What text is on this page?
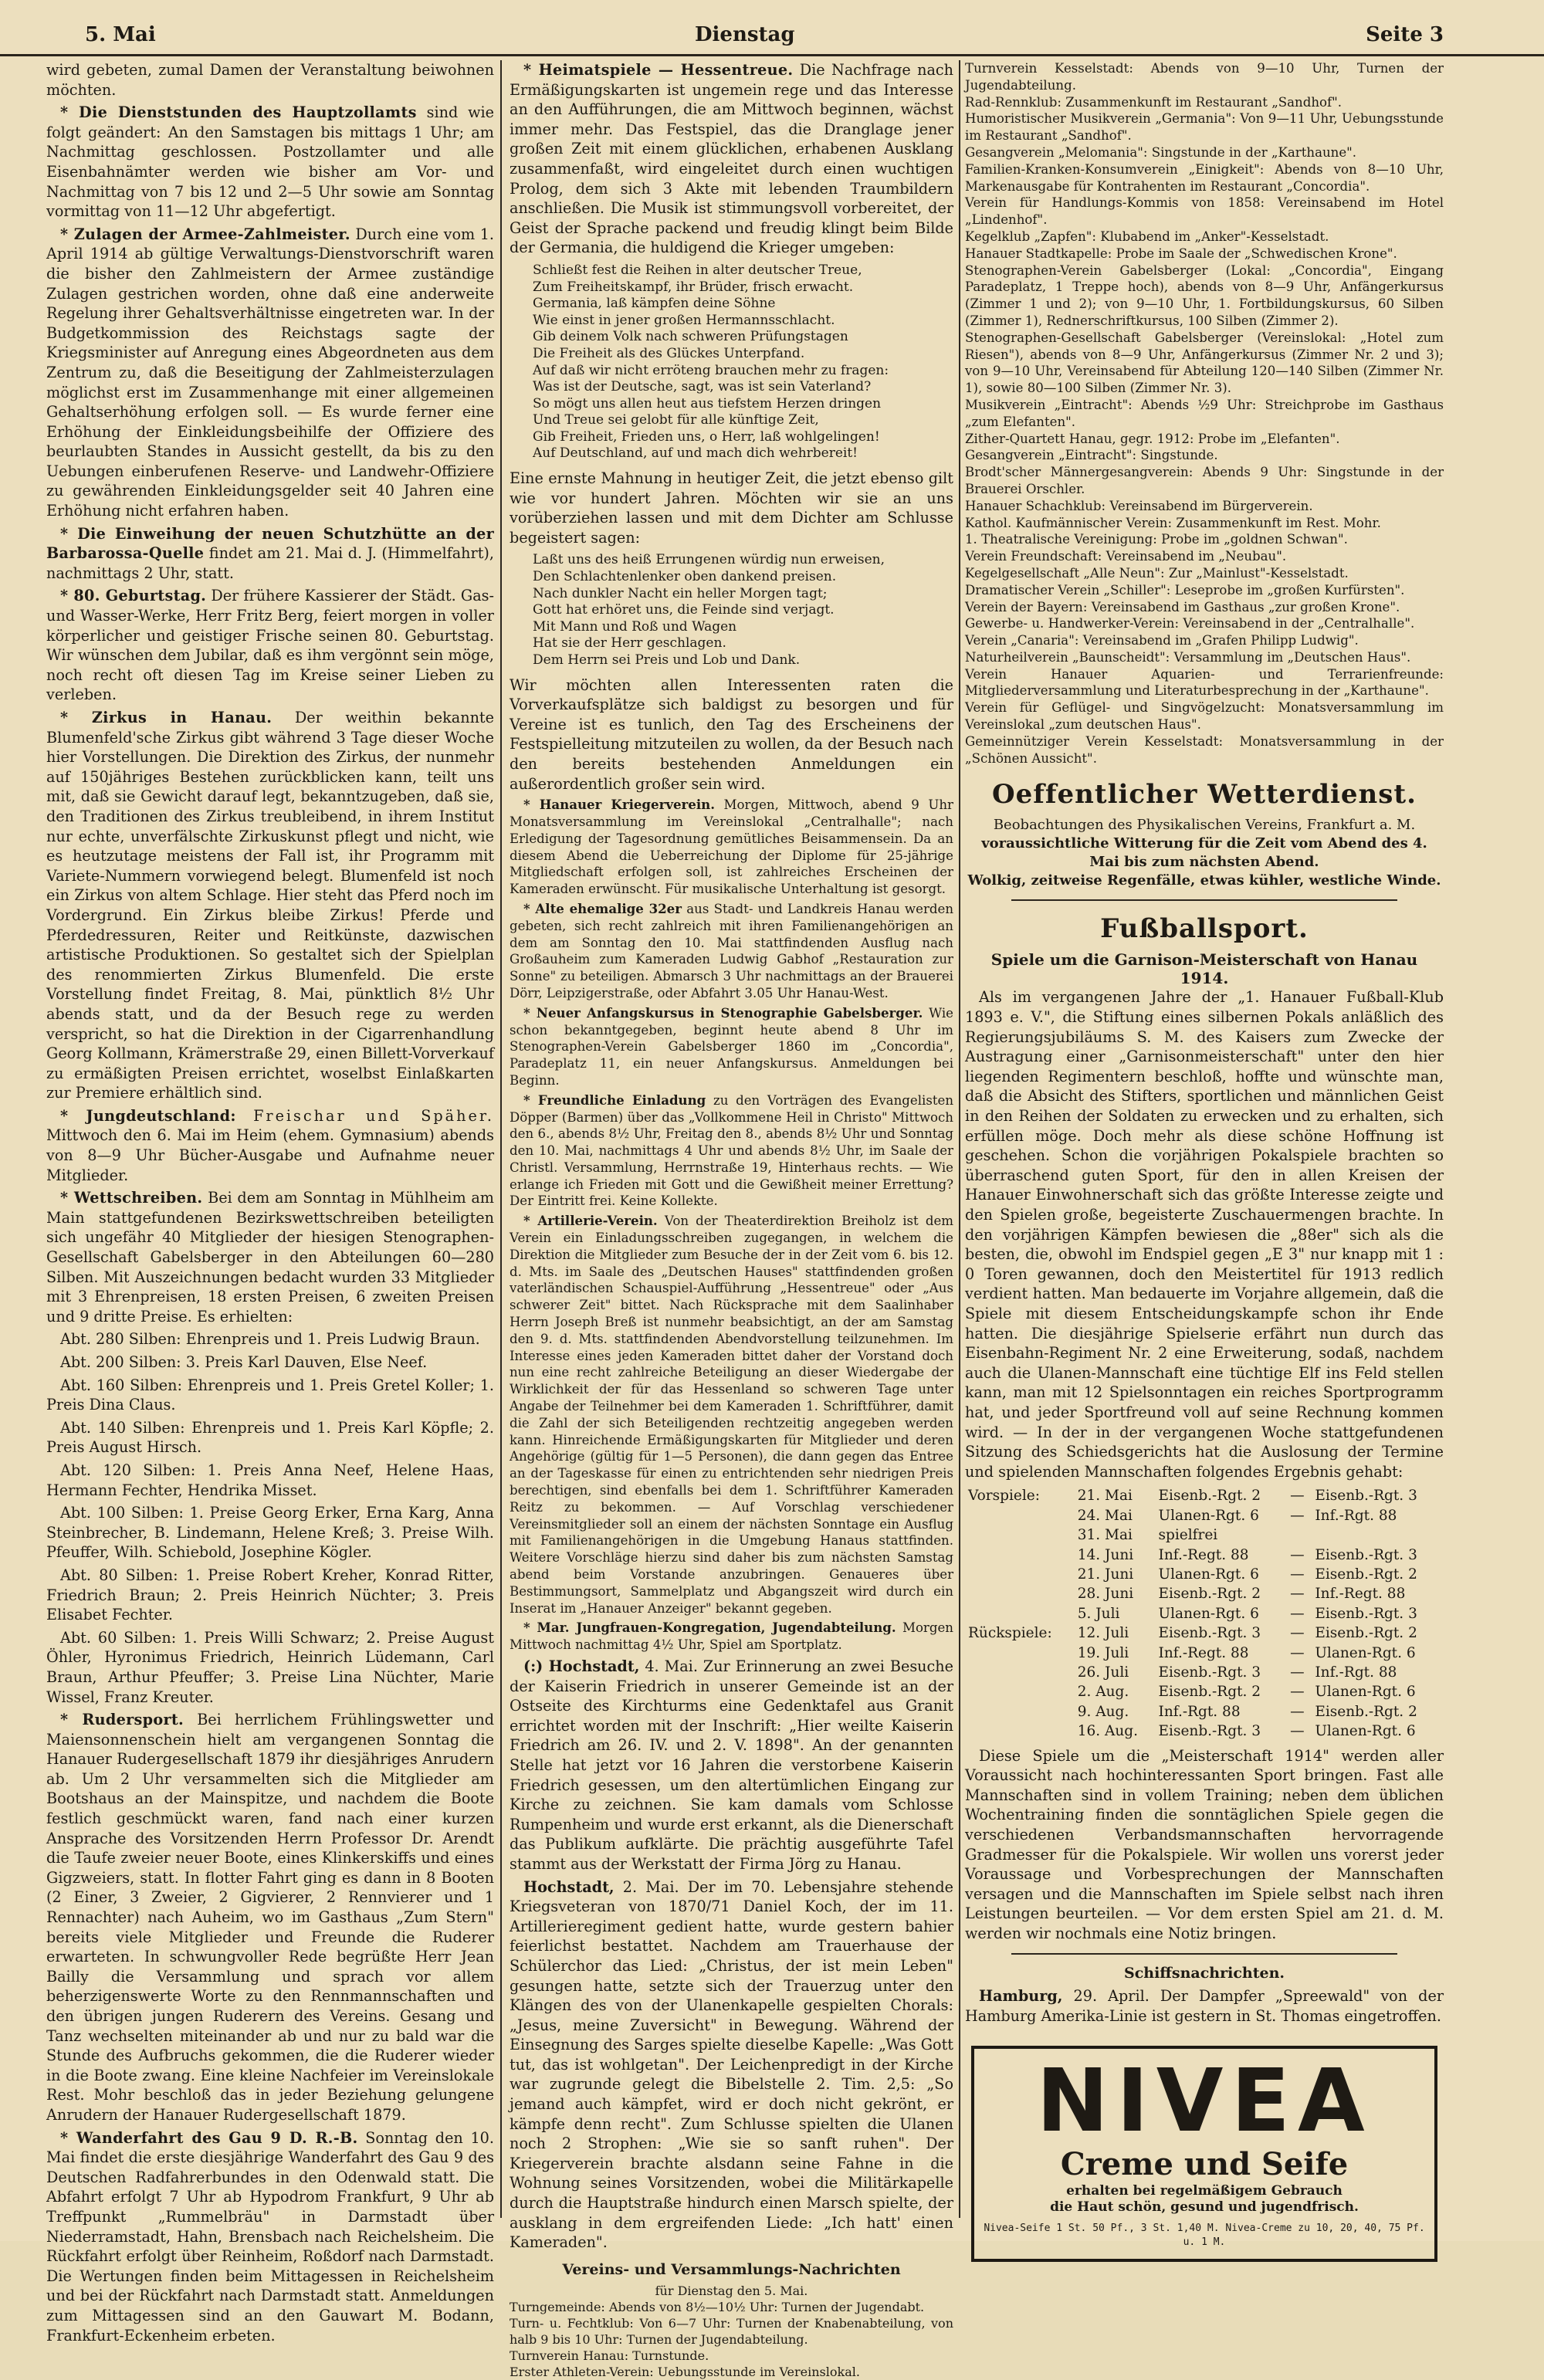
5. Mai	Dienstag	Seite 3

wird gebeten, zumal Damen der Veranstaltung beiwohnen möchten.

* Die Dienststunden des Hauptzollamts sind wie folgt geändert: An den Samstagen bis mittags 1 Uhr; am Nachmittag geschlossen. Postzollamter und alle Eisenbahnämter werden wie bisher am Vor- und Nachmittag von 7 bis 12 und 2—5 Uhr sowie am Sonntag vormittag von 11—12 Uhr abgefertigt.

* Zulagen der Armee-Zahlmeister. Durch eine vom 1. April 1914 ab gültige Verwaltungs-Dienstvorschrift waren die bisher den Zahlmeistern der Armee zuständige Zulagen gestrichen worden, ohne daß eine anderweite Regelung ihrer Gehaltsverhältnisse eingetreten war. In der Budgetkommission des Reichstags sagte der Kriegsminister auf Anregung eines Abgeordneten aus dem Zentrum zu, daß die Beseitigung der Zahlmeisterzulagen möglichst erst im Zusammenhange mit einer allgemeinen Gehaltserhöhung erfolgen soll. — Es wurde ferner eine Erhöhung der Einkleidungsbeihilfe der Offiziere des beurlaubten Standes in Aussicht gestellt, da bis zu den Uebungen einberufenen Reserve- und Landwehr-Offiziere zu gewährenden Einkleidungsgelder seit 40 Jahren eine Erhöhung nicht erfahren haben.

* Die Einweihung der neuen Schutzhütte an der Barbarossa-Quelle findet am 21. Mai d. J. (Himmelfahrt), nachmittags 2 Uhr, statt.

* 80. Geburtstag. Der frühere Kassierer der Städt. Gas- und Wasser-Werke, Herr Fritz Berg, feiert morgen in voller körperlicher und geistiger Frische seinen 80. Geburtstag. Wir wünschen dem Jubilar, daß es ihm vergönnt sein möge, noch recht oft diesen Tag im Kreise seiner Lieben zu verleben.

* Zirkus in Hanau. Der weithin bekannte Blumenfeld'sche Zirkus gibt während 3 Tage dieser Woche hier Vorstellungen. Die Direktion des Zirkus, der nunmehr auf 150jähriges Bestehen zurückblicken kann, teilt uns mit, daß sie Gewicht darauf legt, bekanntzugeben, daß sie, den Traditionen des Zirkus treubleibend, in ihrem Institut nur echte, unverfälschte Zirkuskunst pflegt und nicht, wie es heutzutage meistens der Fall ist, ihr Programm mit Variete-Nummern vorwiegend belegt. Blumenfeld ist noch ein Zirkus von altem Schlage. Hier steht das Pferd noch im Vordergrund. Ein Zirkus bleibe Zirkus! Pferde und Pferdedressuren, Reiter und Reitkünste, dazwischen artistische Produktionen. So gestaltet sich der Spielplan des renommierten Zirkus Blumenfeld. Die erste Vorstellung findet Freitag, 8. Mai, pünktlich 8½ Uhr abends statt, und da der Besuch rege zu werden verspricht, so hat die Direktion in der Cigarrenhandlung Georg Kollmann, Krämerstraße 29, einen Billett-Vorverkauf zu ermäßigten Preisen errichtet, woselbst Einlaßkarten zur Premiere erhältlich sind.

* Jungdeutschland: Freischar und Späher. Mittwoch den 6. Mai im Heim (ehem. Gymnasium) abends von 8—9 Uhr Bücher-Ausgabe und Aufnahme neuer Mitglieder.

* Wettschreiben. Bei dem am Sonntag in Mühlheim am Main stattgefundenen Bezirkswettschreiben beteiligten sich ungefähr 40 Mitglieder der hiesigen Stenographen-Gesellschaft Gabelsberger in den Abteilungen 60—280 Silben. Mit Auszeichnungen bedacht wurden 33 Mitglieder mit 3 Ehrenpreisen, 18 ersten Preisen, 6 zweiten Preisen und 9 dritte Preise. Es erhielten:

Abt. 280 Silben: Ehrenpreis und 1. Preis Ludwig Braun.

Abt. 200 Silben: 3. Preis Karl Dauven, Else Neef.

Abt. 160 Silben: Ehrenpreis und 1. Preis Gretel Koller; 1. Preis Dina Claus.

Abt. 140 Silben: Ehrenpreis und 1. Preis Karl Köpfle; 2. Preis August Hirsch.

Abt. 120 Silben: 1. Preis Anna Neef, Helene Haas, Hermann Fechter, Hendrika Misset.

Abt. 100 Silben: 1. Preise Georg Erker, Erna Karg, Anna Steinbrecher, B. Lindemann, Helene Kreß; 3. Preise Wilh. Pfeuffer, Wilh. Schiebold, Josephine Kögler.

Abt. 80 Silben: 1. Preise Robert Kreher, Konrad Ritter, Friedrich Braun; 2. Preis Heinrich Nüchter; 3. Preis Elisabet Fechter.

Abt. 60 Silben: 1. Preis Willi Schwarz; 2. Preise August Öhler, Hyronimus Friedrich, Heinrich Lüdemann, Carl Braun, Arthur Pfeuffer; 3. Preise Lina Nüchter, Marie Wissel, Franz Kreuter.

* Rudersport. Bei herrlichem Frühlingswetter und Maiensonnenschein hielt am vergangenen Sonntag die Hanauer Rudergesellschaft 1879 ihr diesjähriges Anrudern ab. Um 2 Uhr versammelten sich die Mitglieder am Bootshaus an der Mainspitze, und nachdem die Boote festlich geschmückt waren, fand nach einer kurzen Ansprache des Vorsitzenden Herrn Professor Dr. Arendt die Taufe zweier neuer Boote, eines Klinkerskiffs und eines Gigzweiers, statt. In flotter Fahrt ging es dann in 8 Booten (2 Einer, 3 Zweier, 2 Gigvierer, 2 Rennvierer und 1 Rennachter) nach Auheim, wo im Gasthaus „Zum Stern" bereits viele Mitglieder und Freunde die Ruderer erwarteten. In schwungvoller Rede begrüßte Herr Jean Bailly die Versammlung und sprach vor allem beherzigenswerte Worte zu den Rennmannschaften und den übrigen jungen Ruderern des Vereins. Gesang und Tanz wechselten miteinander ab und nur zu bald war die Stunde des Aufbruchs gekommen, die die Ruderer wieder in die Boote zwang. Eine kleine Nachfeier im Vereinslokale Rest. Mohr beschloß das in jeder Beziehung gelungene Anrudern der Hanauer Rudergesellschaft 1879.

* Wanderfahrt des Gau 9 D. R.-B. Sonntag den 10. Mai findet die erste diesjährige Wanderfahrt des Gau 9 des Deutschen Radfahrerbundes in den Odenwald statt. Die Abfahrt erfolgt 7 Uhr ab Hypodrom Frankfurt, 9 Uhr ab Treffpunkt „Rummelbräu" in Darmstadt über Niederramstadt, Hahn, Brensbach nach Reichelsheim. Die Rückfahrt erfolgt über Reinheim, Roßdorf nach Darmstadt. Die Wertungen finden beim Mittagessen in Reichelsheim und bei der Rückfahrt nach Darmstadt statt. Anmeldungen zum Mittagessen sind an den Gauwart M. Bodann, Frankfurt-Eckenheim erbeten.

* Heimatspiele — Hessentreue. Die Nachfrage nach Ermäßigungskarten ist ungemein rege und das Interesse an den Aufführungen, die am Mittwoch beginnen, wächst immer mehr. Das Festspiel, das die Dranglage jener großen Zeit mit einem glücklichen, erhabenen Ausklang zusammenfaßt, wird eingeleitet durch einen wuchtigen Prolog, dem sich 3 Akte mit lebenden Traumbildern anschließen. Die Musik ist stimmungsvoll vorbereitet, der Geist der Sprache packend und freudig klingt beim Bilde der Germania, die huldigend die Krieger umgeben:

Schließt fest die Reihen in alter deutscher Treue,
Zum Freiheitskampf, ihr Brüder, frisch erwacht.
Germania, laß kämpfen deine Söhne
Wie einst in jener großen Hermannsschlacht.
Gib deinem Volk nach schweren Prüfungstagen
Die Freiheit als des Glückes Unterpfand.
Auf daß wir nicht erröteng brauchen mehr zu fragen:
Was ist der Deutsche, sagt, was ist sein Vaterland?
So mögt uns allen heut aus tiefstem Herzen dringen
Und Treue sei gelobt für alle künftige Zeit,
Gib Freiheit, Frieden uns, o Herr, laß wohlgelingen!
Auf Deutschland, auf und mach dich wehrbereit!

Eine ernste Mahnung in heutiger Zeit, die jetzt ebenso gilt wie vor hundert Jahren. Möchten wir sie an uns vorüberziehen lassen und mit dem Dichter am Schlusse begeistert sagen:

Laßt uns des heiß Errungenen würdig nun erweisen,
Den Schlachtenlenker oben dankend preisen.
Nach dunkler Nacht ein heller Morgen tagt;
Gott hat erhöret uns, die Feinde sind verjagt.
Mit Mann und Roß und Wagen
Hat sie der Herr geschlagen.
Dem Herrn sei Preis und Lob und Dank.

Wir möchten allen Interessenten raten die Vorverkaufsplätze sich baldigst zu besorgen und für Vereine ist es tunlich, den Tag des Erscheinens der Festspielleitung mitzuteilen zu wollen, da der Besuch nach den bereits bestehenden Anmeldungen ein außerordentlich großer sein wird.

* Hanauer Kriegerverein. Morgen, Mittwoch, abend 9 Uhr Monatsversammlung im Vereinslokal „Centralhalle"; nach Erledigung der Tagesordnung gemütliches Beisammensein. Da an diesem Abend die Ueberreichung der Diplome für 25-jährige Mitgliedschaft erfolgen soll, ist zahlreiches Erscheinen der Kameraden erwünscht. Für musikalische Unterhaltung ist gesorgt.

* Alte ehemalige 32er aus Stadt- und Landkreis Hanau werden gebeten, sich recht zahlreich mit ihren Familienangehörigen an dem am Sonntag den 10. Mai stattfindenden Ausflug nach Großauheim zum Kameraden Ludwig Gabhof „Restauration zur Sonne" zu beteiligen. Abmarsch 3 Uhr nachmittags an der Brauerei Dörr, Leipzigerstraße, oder Abfahrt 3.05 Uhr Hanau-West.

* Neuer Anfangskursus in Stenographie Gabelsberger. Wie schon bekanntgegeben, beginnt heute abend 8 Uhr im Stenographen-Verein Gabelsberger 1860 im „Concordia", Paradeplatz 11, ein neuer Anfangskursus. Anmeldungen bei Beginn.

* Freundliche Einladung zu den Vorträgen des Evangelisten Döpper (Barmen) über das „Vollkommene Heil in Christo" Mittwoch den 6., abends 8½ Uhr, Freitag den 8., abends 8½ Uhr und Sonntag den 10. Mai, nachmittags 4 Uhr und abends 8½ Uhr, im Saale der Christl. Versammlung, Herrnstraße 19, Hinterhaus rechts. — Wie erlange ich Frieden mit Gott und die Gewißheit meiner Errettung? Der Eintritt frei. Keine Kollekte.

* Artillerie-Verein. Von der Theaterdirektion Breiholz ist dem Verein ein Einladungsschreiben zugegangen, in welchem die Direktion die Mitglieder zum Besuche der in der Zeit vom 6. bis 12. d. Mts. im Saale des „Deutschen Hauses" stattfindenden großen vaterländischen Schauspiel-Aufführung „Hessentreue" oder „Aus schwerer Zeit" bittet. Nach Rücksprache mit dem Saalinhaber Herrn Joseph Breß ist nunmehr beabsichtigt, an der am Samstag den 9. d. Mts. stattfindenden Abendvorstellung teilzunehmen. Im Interesse eines jeden Kameraden bittet daher der Vorstand doch nun eine recht zahlreiche Beteiligung an dieser Wiedergabe der Wirklichkeit der für das Hessenland so schweren Tage unter Angabe der Teilnehmer bei dem Kameraden 1. Schriftführer, damit die Zahl der sich Beteiligenden rechtzeitig angegeben werden kann. Hinreichende Ermäßigungskarten für Mitglieder und deren Angehörige (gültig für 1—5 Personen), die dann gegen das Entree an der Tageskasse für einen zu entrichtenden sehr niedrigen Preis berechtigen, sind ebenfalls bei dem 1. Schriftführer Kameraden Reitz zu bekommen. — Auf Vorschlag verschiedener Vereinsmitglieder soll an einem der nächsten Sonntage ein Ausflug mit Familienangehörigen in die Umgebung Hanaus stattfinden. Weitere Vorschläge hierzu sind daher bis zum nächsten Samstag abend beim Vorstande anzubringen. Genaueres über Bestimmungsort, Sammelplatz und Abgangszeit wird durch ein Inserat im „Hanauer Anzeiger" bekannt gegeben.

* Mar. Jungfrauen-Kongregation, Jugendabteilung. Morgen Mittwoch nachmittag 4½ Uhr, Spiel am Sportplatz.

(:) Hochstadt, 4. Mai. Zur Erinnerung an zwei Besuche der Kaiserin Friedrich in unserer Gemeinde ist an der Ostseite des Kirchturms eine Gedenktafel aus Granit errichtet worden mit der Inschrift: „Hier weilte Kaiserin Friedrich am 26. IV. und 2. V. 1898". An der genannten Stelle hat jetzt vor 16 Jahren die verstorbene Kaiserin Friedrich gesessen, um den altertümlichen Eingang zur Kirche zu zeichnen. Sie kam damals vom Schlosse Rumpenheim und wurde erst erkannt, als die Dienerschaft das Publikum aufklärte. Die prächtig ausgeführte Tafel stammt aus der Werkstatt der Firma Jörg zu Hanau.

Hochstadt, 2. Mai. Der im 70. Lebensjahre stehende Kriegsveteran von 1870/71 Daniel Koch, der im 11. Artillerieregiment gedient hatte, wurde gestern bahier feierlichst bestattet. Nachdem am Trauerhause der Schülerchor das Lied: „Christus, der ist mein Leben" gesungen hatte, setzte sich der Trauerzug unter den Klängen des von der Ulanenkapelle gespielten Chorals: „Jesus, meine Zuversicht" in Bewegung. Während der Einsegnung des Sarges spielte dieselbe Kapelle: „Was Gott tut, das ist wohlgetan". Der Leichenpredigt in der Kirche war zugrunde gelegt die Bibelstelle 2. Tim. 2,5: „So jemand auch kämpfet, wird er doch nicht gekrönt, er kämpfe denn recht". Zum Schlusse spielten die Ulanen noch 2 Strophen: „Wie sie so sanft ruhen". Der Kriegerverein brachte alsdann seine Fahne in die Wohnung seines Vorsitzenden, wobei die Militärkapelle durch die Hauptstraße hindurch einen Marsch spielte, der ausklang in dem ergreifenden Liede: „Ich hatt' einen Kameraden".

Vereins- und Versammlungs-Nachrichten
für Dienstag den 5. Mai.
Turngemeinde: Abends von 8½—10½ Uhr: Turnen der Jugendabt.
Turn- u. Fechtklub: Von 6—7 Uhr: Turnen der Knabenabteilung, von halb 9 bis 10 Uhr: Turnen der Jugendabteilung.
Turnverein Hanau: Turnstunde.
Erster Athleten-Verein: Uebungsstunde im Vereinslokal.
Turnverein Kesselstadt: Abends von 9—10 Uhr, Turnen der Jugendabteilung.
Rad-Rennklub: Zusammenkunft im Restaurant „Sandhof".
Humoristischer Musikverein „Germania": Von 9—11 Uhr, Uebungsstunde im Restaurant „Sandhof".
Gesangverein „Melomania": Singstunde in der „Karthaune".
Familien-Kranken-Konsumverein „Einigkeit": Abends von 8—10 Uhr, Markenausgabe für Kontrahenten im Restaurant „Concordia".
Verein für Handlungs-Kommis von 1858: Vereinsabend im Hotel „Lindenhof".
Kegelklub „Zapfen": Klubabend im „Anker"-Kesselstadt.
Hanauer Stadtkapelle: Probe im Saale der „Schwedischen Krone".
Stenographen-Verein Gabelsberger (Lokal: „Concordia", Eingang Paradeplatz, 1 Treppe hoch), abends von 8—9 Uhr, Anfängerkursus (Zimmer 1 und 2); von 9—10 Uhr, 1. Fortbildungskursus, 60 Silben (Zimmer 1), Rednerschriftkursus, 100 Silben (Zimmer 2).
Stenographen-Gesellschaft Gabelsberger (Vereinslokal: „Hotel zum Riesen"), abends von 8—9 Uhr, Anfängerkursus (Zimmer Nr. 2 und 3); von 9—10 Uhr, Vereinsabend für Abteilung 120—140 Silben (Zimmer Nr. 1), sowie 80—100 Silben (Zimmer Nr. 3).
Musikverein „Eintracht": Abends ½9 Uhr: Streichprobe im Gasthaus „zum Elefanten".
Zither-Quartett Hanau, gegr. 1912: Probe im „Elefanten".
Gesangverein „Eintracht": Singstunde.
Brodt'scher Männergesangverein: Abends 9 Uhr: Singstunde in der Brauerei Orschler.
Hanauer Schachklub: Vereinsabend im Bürgerverein.
Kathol. Kaufmännischer Verein: Zusammenkunft im Rest. Mohr.
1. Theatralische Vereinigung: Probe im „goldnen Schwan".
Verein Freundschaft: Vereinsabend im „Neubau".
Kegelgesellschaft „Alle Neun": Zur „Mainlust"-Kesselstadt.
Dramatischer Verein „Schiller": Leseprobe im „großen Kurfürsten".
Verein der Bayern: Vereinsabend im Gasthaus „zur großen Krone".
Gewerbe- u. Handwerker-Verein: Vereinsabend in der „Centralhalle".
Verein „Canaria": Vereinsabend im „Grafen Philipp Ludwig".
Naturheilverein „Baunscheidt": Versammlung im „Deutschen Haus".
Verein Hanauer Aquarien- und Terrarienfreunde: Mitgliederversammlung und Literaturbesprechung in der „Karthaune".
Verein für Geflügel- und Singvögelzucht: Monatsversammlung im Vereinslokal „zum deutschen Haus".
Gemeinnütziger Verein Kesselstadt: Monatsversammlung in der „Schönen Aussicht".
Oeffentlicher Wetterdienst.
Beobachtungen des Physikalischen Vereins, Frankfurt a. M.
voraussichtliche Witterung für die Zeit vom Abend des 4. Mai bis zum nächsten Abend.
Wolkig, zeitweise Regenfälle, etwas kühler, westliche Winde.
Fußballsport.
Spiele um die Garnison-Meisterschaft von Hanau 1914.

Als im vergangenen Jahre der „1. Hanauer Fußball-Klub 1893 e. V.", die Stiftung eines silbernen Pokals anläßlich des Regierungsjubiläums S. M. des Kaisers zum Zwecke der Austragung einer „Garnisonmeisterschaft" unter den hier liegenden Regimentern beschloß, hoffte und wünschte man, daß die Absicht des Stifters, sportlichen und männlichen Geist in den Reihen der Soldaten zu erwecken und zu erhalten, sich erfüllen möge. Doch mehr als diese schöne Hoffnung ist geschehen. Schon die vorjährigen Pokalspiele brachten so überraschend guten Sport, für den in allen Kreisen der Hanauer Einwohnerschaft sich das größte Interesse zeigte und den Spielen große, begeisterte Zuschauermengen brachte. In den vorjährigen Kämpfen bewiesen die „88er" sich als die besten, die, obwohl im Endspiel gegen „E 3" nur knapp mit 1 : 0 Toren gewannen, doch den Meistertitel für 1913 redlich verdient hatten. Man bedauerte im Vorjahre allgemein, daß die Spiele mit diesem Entscheidungskampfe schon ihr Ende hatten. Die diesjährige Spielserie erfährt nun durch das Eisenbahn-Regiment Nr. 2 eine Erweiterung, sodaß, nachdem auch die Ulanen-Mannschaft eine tüchtige Elf ins Feld stellen kann, man mit 12 Spielsonntagen ein reiches Sportprogramm hat, und jeder Sportfreund voll auf seine Rechnung kommen wird. — In der in der vergangenen Woche stattgefundenen Sitzung des Schiedsgerichts hat die Auslosung der Termine und spielenden Mannschaften folgendes Ergebnis gehabt:

Vorspiele:	21. Mai	Eisenb.-Rgt. 2	—	Eisenb.-Rgt. 3
	24. Mai	Ulanen-Rgt. 6	—	Inf.-Rgt. 88
	31. Mai	spielfrei		
	14. Juni	Inf.-Regt. 88	—	Eisenb.-Rgt. 3
	21. Juni	Ulanen-Rgt. 6	—	Eisenb.-Rgt. 2
	28. Juni	Eisenb.-Rgt. 2	—	Inf.-Regt. 88
	5. Juli	Ulanen-Rgt. 6	—	Eisenb.-Rgt. 3
Rückspiele:	12. Juli	Eisenb.-Rgt. 3	—	Eisenb.-Rgt. 2
	19. Juli	Inf.-Regt. 88	—	Ulanen-Rgt. 6
	26. Juli	Eisenb.-Rgt. 3	—	Inf.-Rgt. 88
	2. Aug.	Eisenb.-Rgt. 2	—	Ulanen-Rgt. 6
	9. Aug.	Inf.-Rgt. 88	—	Eisenb.-Rgt. 2
	16. Aug.	Eisenb.-Rgt. 3	—	Ulanen-Rgt. 6

Diese Spiele um die „Meisterschaft 1914" werden aller Voraussicht nach hochinteressanten Sport bringen. Fast alle Mannschaften sind in vollem Training; neben dem üblichen Wochentraining finden die sonntäglichen Spiele gegen die verschiedenen Verbandsmannschaften hervorragende Gradmesser für die Pokalspiele. Wir wollen uns vorerst jeder Voraussage und Vorbesprechungen der Mannschaften versagen und die Mannschaften im Spiele selbst nach ihren Leistungen beurteilen. — Vor dem ersten Spiel am 21. d. M. werden wir nochmals eine Notiz bringen.

Schiffsnachrichten.

Hamburg, 29. April. Der Dampfer „Spreewald" von der Hamburg Amerika-Linie ist gestern in St. Thomas eingetroffen.

NIVEA
Creme und Seife
erhalten bei regelmäßigem Gebrauch
die Haut schön, gesund und jugendfrisch.
Nivea-Seife 1 St. 50 Pf., 3 St. 1,40 M. Nivea-Creme zu 10, 20, 40, 75 Pf. u. 1 M.
